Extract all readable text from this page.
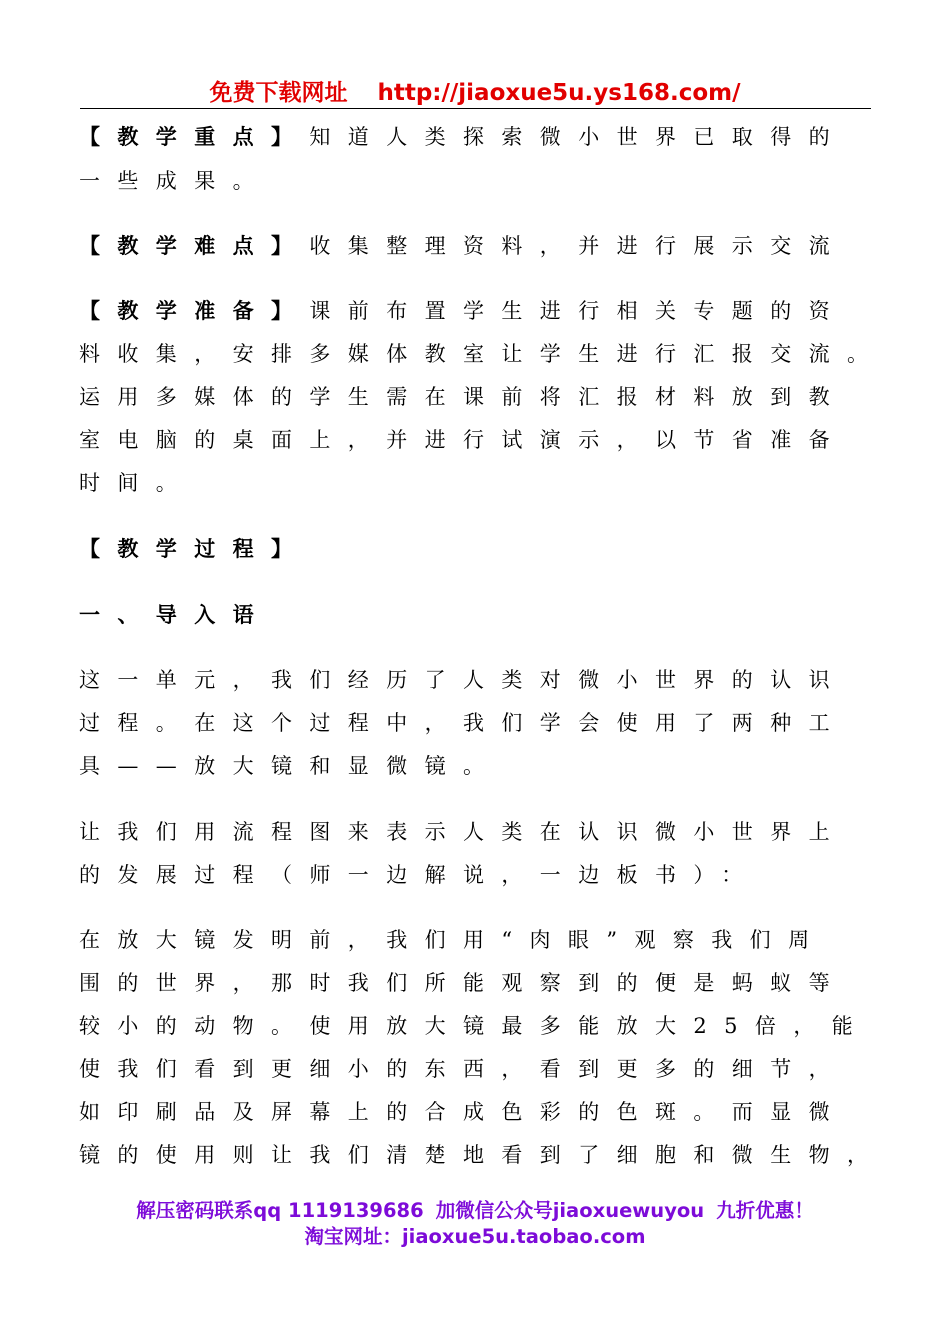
免费下载网址 http://jiaoxue5u.ys168.com/
【教学重点】知道人类探索微小世界已取得的
一些成果。
【教学难点】收集整理资料，并进行展示交流
【教学准备】课前布置学生进行相关专题的资
料收集，安排多媒体教室让学生进行汇报交流。
运用多媒体的学生需在课前将汇报材料放到教
室电脑的桌面上，并进行试演示，以节省准备
时间。
【教学过程】
一、导入语
这一单元，我们经历了人类对微小世界的认识
过程。在这个过程中，我们学会使用了两种工
具——放大镜和显微镜。
让我们用流程图来表示人类在认识微小世界上
的发展过程（师一边解说，一边板书）：
在放大镜发明前，我们用“肉眼”观察我们周
围的世界，那时我们所能观察到的便是蚂蚁等
较小的动物。使用放大镜最多能放大25倍，能
使我们看到更细小的东西，看到更多的细节，
如印刷品及屏幕上的合成色彩的色斑。而显微
镜的使用则让我们清楚地看到了细胞和微生物，
解压密码联系qq 1119139686 加微信公众号jiaoxuewuyou 九折优惠！
淘宝网址：jiaoxue5u.taobao.com
